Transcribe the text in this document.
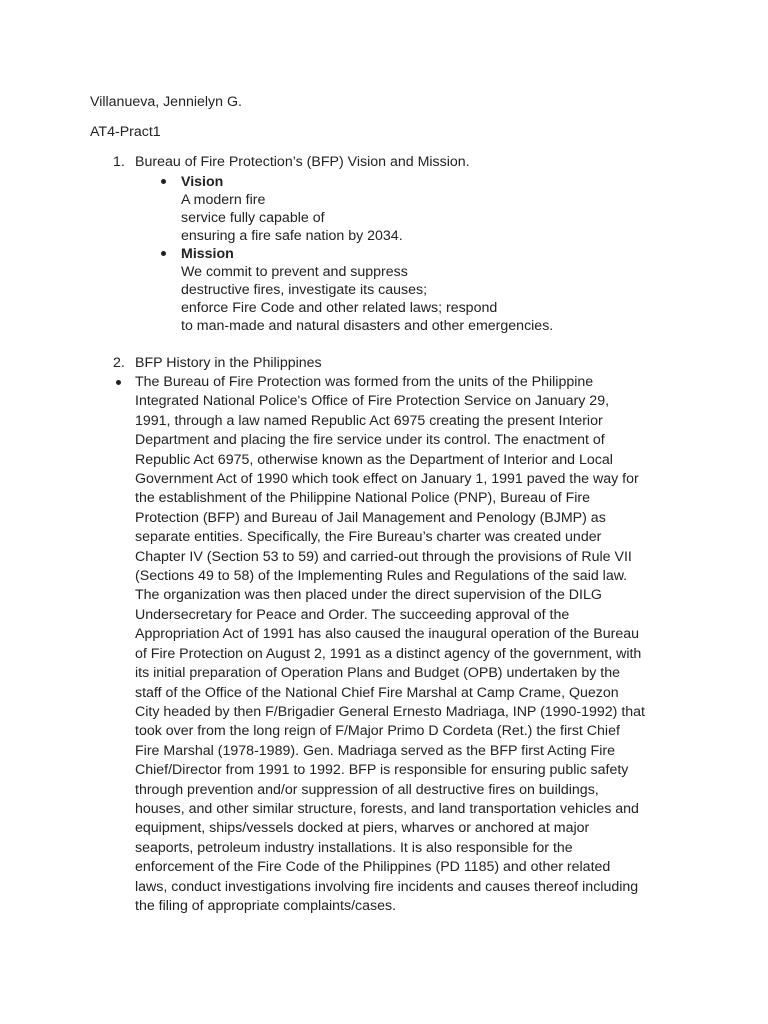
Villanueva, Jennielyn G.
AT4-Pract1
1. Bureau of Fire Protection’s (BFP) Vision and Mission.
Vision
A modern fire
service fully capable of
ensuring a fire safe nation by 2034.
Mission
We commit to prevent and suppress
destructive fires, investigate its causes;
enforce Fire Code and other related laws; respond
to man-made and natural disasters and other emergencies.
2. BFP History in the Philippines
The Bureau of Fire Protection was formed from the units of the Philippine
Integrated National Police's Office of Fire Protection Service on January 29,
1991, through a law named Republic Act 6975 creating the present Interior
Department and placing the fire service under its control. The enactment of
Republic Act 6975, otherwise known as the Department of Interior and Local
Government Act of 1990 which took effect on January 1, 1991 paved the way for
the establishment of the Philippine National Police (PNP), Bureau of Fire
Protection (BFP) and Bureau of Jail Management and Penology (BJMP) as
separate entities. Specifically, the Fire Bureau’s charter was created under
Chapter IV (Section 53 to 59) and carried-out through the provisions of Rule VII
(Sections 49 to 58) of the Implementing Rules and Regulations of the said law.
The organization was then placed under the direct supervision of the DILG
Undersecretary for Peace and Order. The succeeding approval of the
Appropriation Act of 1991 has also caused the inaugural operation of the Bureau
of Fire Protection on August 2, 1991 as a distinct agency of the government, with
its initial preparation of Operation Plans and Budget (OPB) undertaken by the
staff of the Office of the National Chief Fire Marshal at Camp Crame, Quezon
City headed by then F/Brigadier General Ernesto Madriaga, INP (1990-1992) that
took over from the long reign of F/Major Primo D Cordeta (Ret.) the first Chief
Fire Marshal (1978-1989). Gen. Madriaga served as the BFP first Acting Fire
Chief/Director from 1991 to 1992. BFP is responsible for ensuring public safety
through prevention and/or suppression of all destructive fires on buildings,
houses, and other similar structure, forests, and land transportation vehicles and
equipment, ships/vessels docked at piers, wharves or anchored at major
seaports, petroleum industry installations. It is also responsible for the
enforcement of the Fire Code of the Philippines (PD 1185) and other related
laws, conduct investigations involving fire incidents and causes thereof including
the filing of appropriate complaints/cases.
